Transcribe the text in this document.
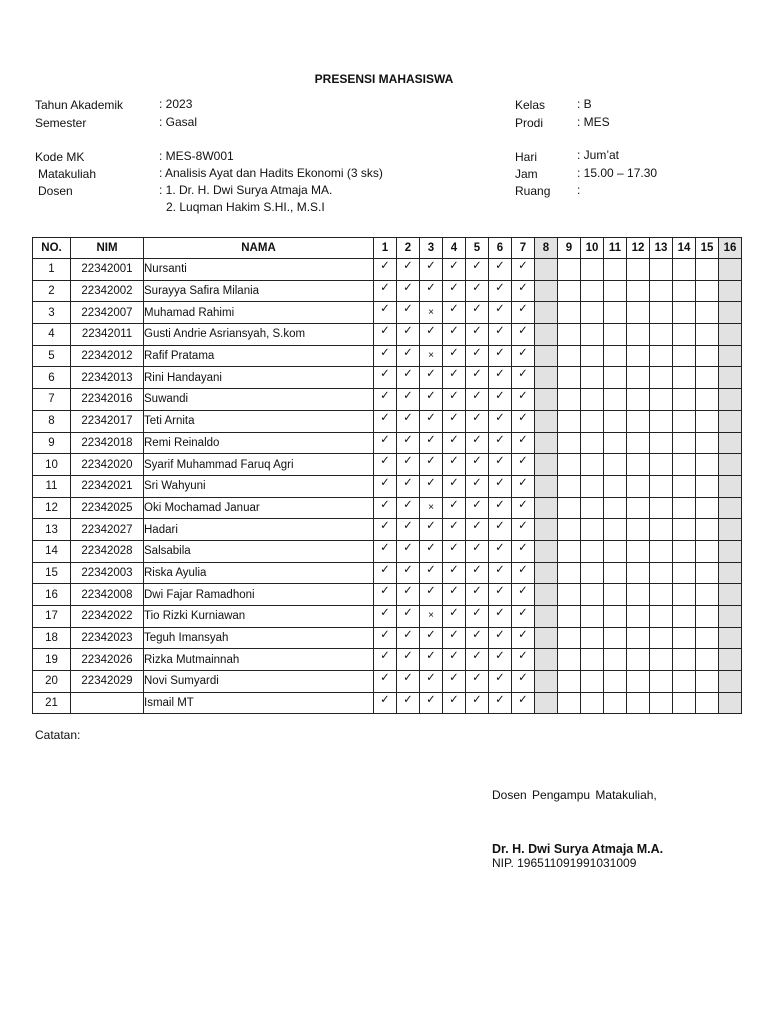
PRESENSI MAHASISWA
Tahun Akademik	: 2023
Semester	: Gasal
Kode MK	: MES-8W001
Matakuliah	: Analisis Ayat dan Hadits Ekonomi (3 sks)
Dosen	: 1. Dr. H. Dwi Surya Atmaja MA.
2. Luqman Hakim S.HI., M.S.I
Kelas	: B
Prodi	: MES
Hari	: Jum’at
Jam	: 15.00 – 17.30
Ruang :
NO.	NIM	NAMA	1	2	3	4	5	6	7	8	9	10	11	12	13	14	15	16
1	22342001	Nursanti	✓	✓	✓	✓	✓	✓	✓									
2	22342002	Surayya Safira Milania	✓	✓	✓	✓	✓	✓	✓									
3	22342007	Muhamad Rahimi	✓	✓	×	✓	✓	✓	✓									
4	22342011	Gusti Andrie Asriansyah, S.kom	✓	✓	✓	✓	✓	✓	✓									
5	22342012	Rafif Pratama	✓	✓	×	✓	✓	✓	✓									
6	22342013	Rini Handayani	✓	✓	✓	✓	✓	✓	✓									
7	22342016	Suwandi	✓	✓	✓	✓	✓	✓	✓									
8	22342017	Teti Arnita	✓	✓	✓	✓	✓	✓	✓									
9	22342018	Remi Reinaldo	✓	✓	✓	✓	✓	✓	✓									
10	22342020	Syarif Muhammad Faruq Agri	✓	✓	✓	✓	✓	✓	✓									
11	22342021	Sri Wahyuni	✓	✓	✓	✓	✓	✓	✓									
12	22342025	Oki Mochamad Januar	✓	✓	×	✓	✓	✓	✓									
13	22342027	Hadari	✓	✓	✓	✓	✓	✓	✓									
14	22342028	Salsabila	✓	✓	✓	✓	✓	✓	✓									
15	22342003	Riska Ayulia	✓	✓	✓	✓	✓	✓	✓									
16	22342008	Dwi Fajar Ramadhoni	✓	✓	✓	✓	✓	✓	✓									
17	22342022	Tio Rizki Kurniawan	✓	✓	×	✓	✓	✓	✓									
18	22342023	Teguh Imansyah	✓	✓	✓	✓	✓	✓	✓									
19	22342026	Rizka Mutmainnah	✓	✓	✓	✓	✓	✓	✓									
20	22342029	Novi Sumyardi	✓	✓	✓	✓	✓	✓	✓									
21		Ismail MT	✓	✓	✓	✓	✓	✓	✓									
Catatan:
Dosen Pengampu Matakuliah,
Dr. H. Dwi Surya Atmaja M.A.
NIP. 196511091991031009
